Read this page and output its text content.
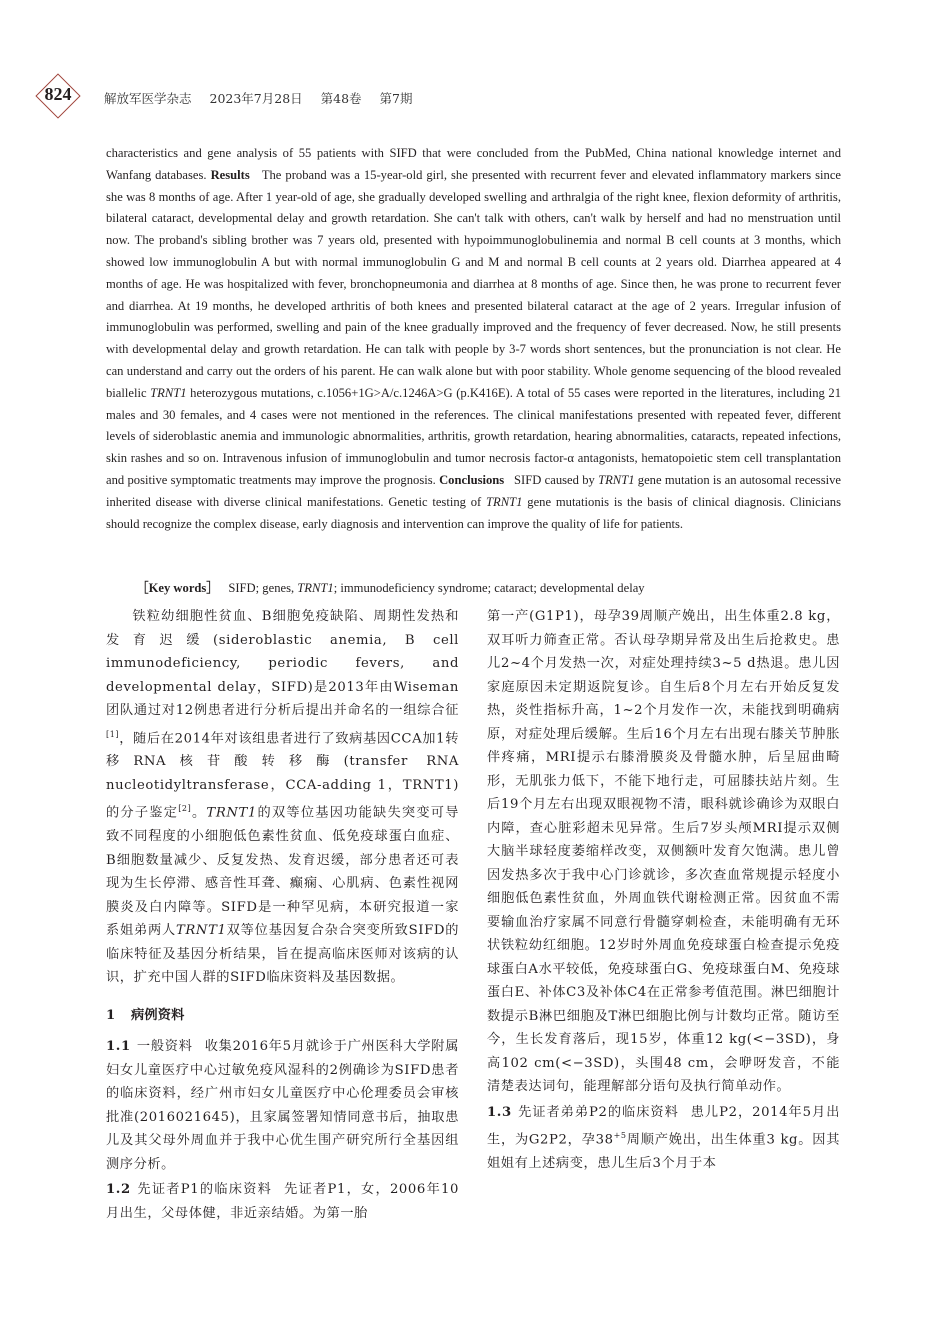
824	解放军医学杂志 2023年7月28日 第48卷 第7期
characteristics and gene analysis of 55 patients with SIFD that were concluded from the PubMed, China national knowledge internet and Wanfang databases. Results The proband was a 15-year-old girl, she presented with recurrent fever and elevated inflammatory markers since she was 8 months of age. After 1 year-old of age, she gradually developed swelling and arthralgia of the right knee, flexion deformity of arthritis, bilateral cataract, developmental delay and growth retardation. She can't talk with others, can't walk by herself and had no menstruation until now. The proband's sibling brother was 7 years old, presented with hypoimmunoglobulinemia and normal B cell counts at 3 months, which showed low immunoglobulin A but with normal immunoglobulin G and M and normal B cell counts at 2 years old. Diarrhea appeared at 4 months of age. He was hospitalized with fever, bronchopneumonia and diarrhea at 8 months of age. Since then, he was prone to recurrent fever and diarrhea. At 19 months, he developed arthritis of both knees and presented bilateral cataract at the age of 2 years. Irregular infusion of immunoglobulin was performed, swelling and pain of the knee gradually improved and the frequency of fever decreased. Now, he still presents with developmental delay and growth retardation. He can talk with people by 3-7 words short sentences, but the pronunciation is not clear. He can understand and carry out the orders of his parent. He can walk alone but with poor stability. Whole genome sequencing of the blood revealed biallelic TRNT1 heterozygous mutations, c.1056+1G>A/c.1246A>G (p.K416E). A total of 55 cases were reported in the literatures, including 21 males and 30 females, and 4 cases were not mentioned in the references. The clinical manifestations presented with repeated fever, different levels of sideroblastic anemia and immunologic abnormalities, arthritis, growth retardation, hearing abnormalities, cataracts, repeated infections, skin rashes and so on. Intravenous infusion of immunoglobulin and tumor necrosis factor-α antagonists, hematopoietic stem cell transplantation and positive symptomatic treatments may improve the prognosis. Conclusions SIFD caused by TRNT1 gene mutation is an autosomal recessive inherited disease with diverse clinical manifestations. Genetic testing of TRNT1 gene mutationis is the basis of clinical diagnosis. Clinicians should recognize the complex disease, early diagnosis and intervention can improve the quality of life for patients.
［Key words］ SIFD; genes, TRNT1; immunodeficiency syndrome; cataract; developmental delay

铁粒幼细胞性贫血、B细胞免疫缺陷、周期性发热和发育迟缓(sideroblastic anemia, B cell immunodeficiency, periodic fevers, and developmental delay，SIFD)是2013年由Wiseman团队通过对12例患者进行分析后提出并命名的一组综合征[1]，随后在2014年对该组患者进行了致病基因CCA加1转移RNA核苷酸转移酶(transfer RNA nucleotidyltransferase，CCA-adding 1，TRNT1)的分子鉴定[2]。TRNT1的双等位基因功能缺失突变可导致不同程度的小细胞低色素性贫血、低免疫球蛋白血症、B细胞数量减少、反复发热、发育迟缓，部分患者还可表现为生长停滞、感音性耳聋、癫痫、心肌病、色素性视网膜炎及白内障等。SIFD是一种罕见病，本研究报道一家系姐弟两人TRNT1双等位基因复合杂合突变所致SIFD的临床特征及基因分析结果，旨在提高临床医师对该病的认识，扩充中国人群的SIFD临床资料及基因数据。

1 病例资料

1.1 一般资料 收集2016年5月就诊于广州医科大学附属妇女儿童医疗中心过敏免疫风湿科的2例确诊为SIFD患者的临床资料，经广州市妇女儿童医疗中心伦理委员会审核批准(2016021645)，且家属签署知情同意书后，抽取患儿及其父母外周血并于我中心优生围产研究所行全基因组测序分析。

1.2 先证者P1的临床资料 先证者P1，女，2006年10月出生，父母体健，非近亲结婚。为第一胎

第一产(G1P1)，母孕39周顺产娩出，出生体重2.8 kg，双耳听力筛查正常。否认母孕期异常及出生后抢救史。患儿2~4个月发热一次，对症处理持续3~5 d热退。患儿因家庭原因未定期返院复诊。自生后8个月左右开始反复发热，炎性指标升高，1~2个月发作一次，未能找到明确病原，对症处理后缓解。生后16个月左右出现右膝关节肿胀伴疼痛，MRI提示右膝滑膜炎及骨髓水肿，后呈屈曲畸形，无肌张力低下，不能下地行走，可屈膝扶站片刻。生后19个月左右出现双眼视物不清，眼科就诊确诊为双眼白内障，查心脏彩超未见异常。生后7岁头颅MRI提示双侧大脑半球轻度萎缩样改变，双侧额叶发育欠饱满。患儿曾因发热多次于我中心门诊就诊，多次查血常规提示轻度小细胞低色素性贫血，外周血铁代谢检测正常。因贫血不需要输血治疗家属不同意行骨髓穿刺检查，未能明确有无环状铁粒幼红细胞。12岁时外周血免疫球蛋白检查提示免疫球蛋白A水平较低，免疫球蛋白G、免疫球蛋白M、免疫球蛋白E、补体C3及补体C4在正常参考值范围。淋巴细胞计数提示B淋巴细胞及T淋巴细胞比例与计数均正常。随访至今，生长发育落后，现15岁，体重12 kg(<−3SD)，身高102 cm(<−3SD)，头围48 cm，会咿呀发音，不能清楚表达词句，能理解部分语句及执行简单动作。

1.3 先证者弟弟P2的临床资料 患儿P2，2014年5月出生，为G2P2，孕$38^{+5}$周顺产娩出，出生体重3 kg。因其姐姐有上述病变，患儿生后3个月于本
